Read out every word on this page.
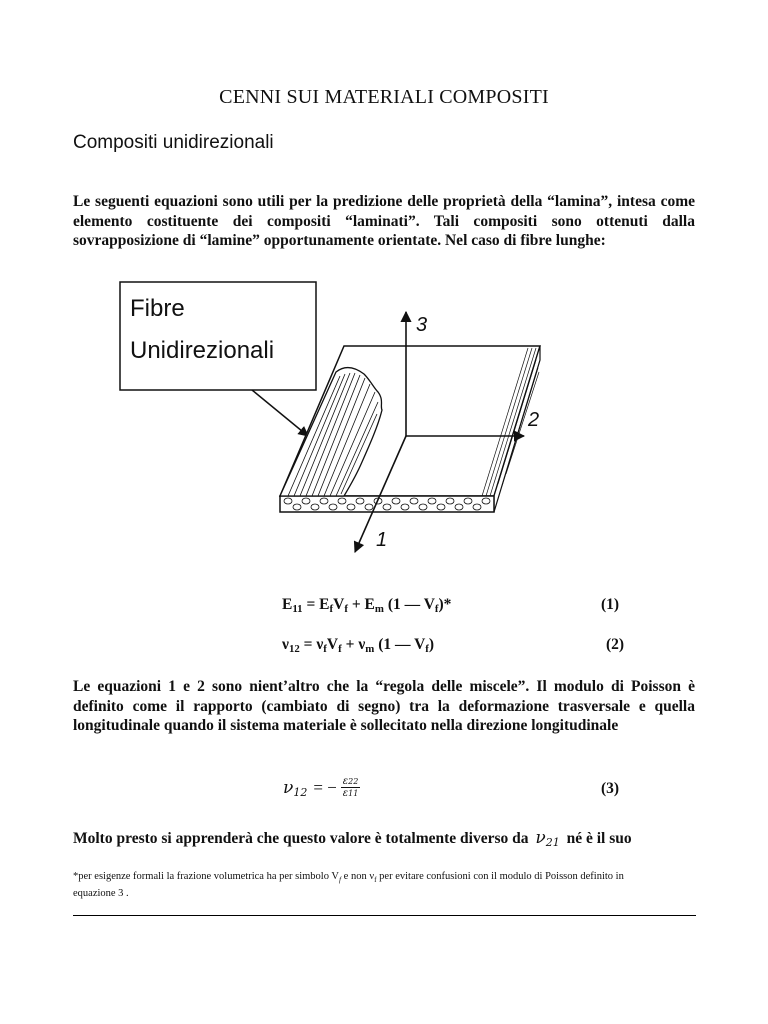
CENNI SUI MATERIALI COMPOSITI
Compositi unidirezionali
Le seguenti equazioni sono utili per la predizione delle proprietà della “lamina”, intesa come elemento costituente dei compositi “laminati”. Tali compositi sono ottenuti dalla sovrapposizione di “lamine” opportunamente orientate. Nel caso di fibre lunghe:
Fibre
Unidirezionali
3
2
1
$E_{11} = E_fV_f + E_m$ (1 — $V_f)*$	(1)
$\nu_{12} = \nu_fV_f + \nu_m$ (1 — $V_f$)	(2)
Le equazioni 1 e 2 sono nient’altro che la “regola delle miscele”. Il modulo di Poisson è definito come il rapporto (cambiato di segno) tra la deformazione trasversale e quella longitudinale quando il sistema materiale è sollecitato nella direzione longitudinale
ν 12 = − $\frac{\varepsilon 22}{\varepsilon 11}$	(3)
Molto presto si apprenderà che questo valore è totalmente diverso da ν21 né è il suo
*per esigenze formali la frazione volumetrica ha per simbolo $V_f$ e non $\nu_f$ per evitare confusioni con il modulo di Poisson definito in
equazione 3 .
